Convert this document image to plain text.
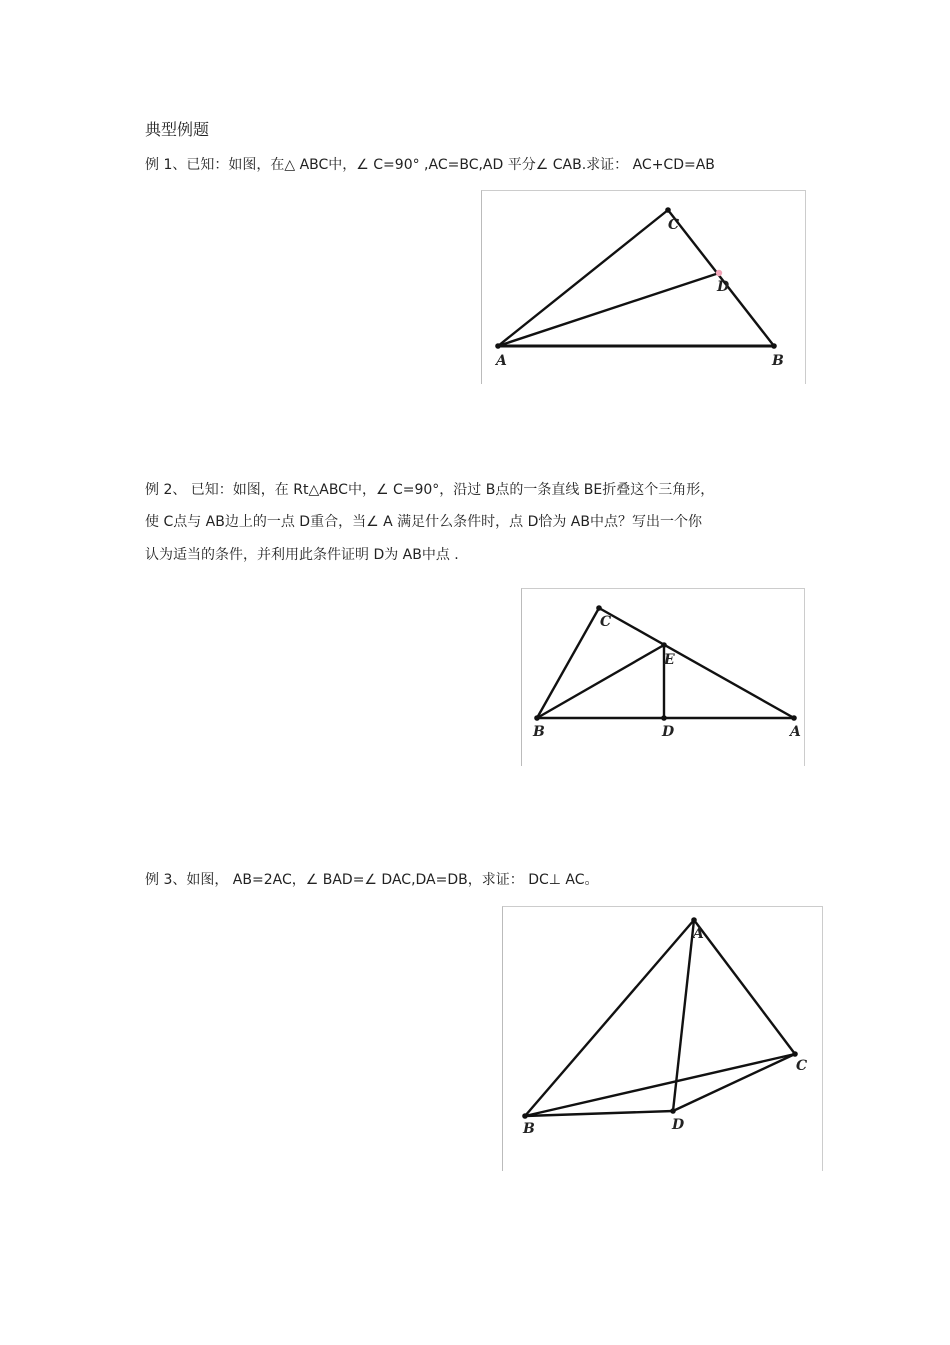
典型例题
例 1、已知：如图，在△ ABC中，∠ C=90° ,AC=BC,AD 平分∠ CAB.求证： AC+CD=AB
A	B
C
D
例 2、 已知：如图，在 Rt△ABC中，∠ C=90°，沿过 B点的一条直线 BE折叠这个三角形，
使 C点与 AB边上的一点 D重合，当∠ A 满足什么条件时，点 D恰为 AB中点？写出一个你
认为适当的条件，并利用此条件证明 D为 AB中点 .
B
C
A
E
D
例 3、如图， AB=2AC，∠ BAD=∠ DAC,DA=DB，求证： DC⊥ AC。
B
A
C
D
